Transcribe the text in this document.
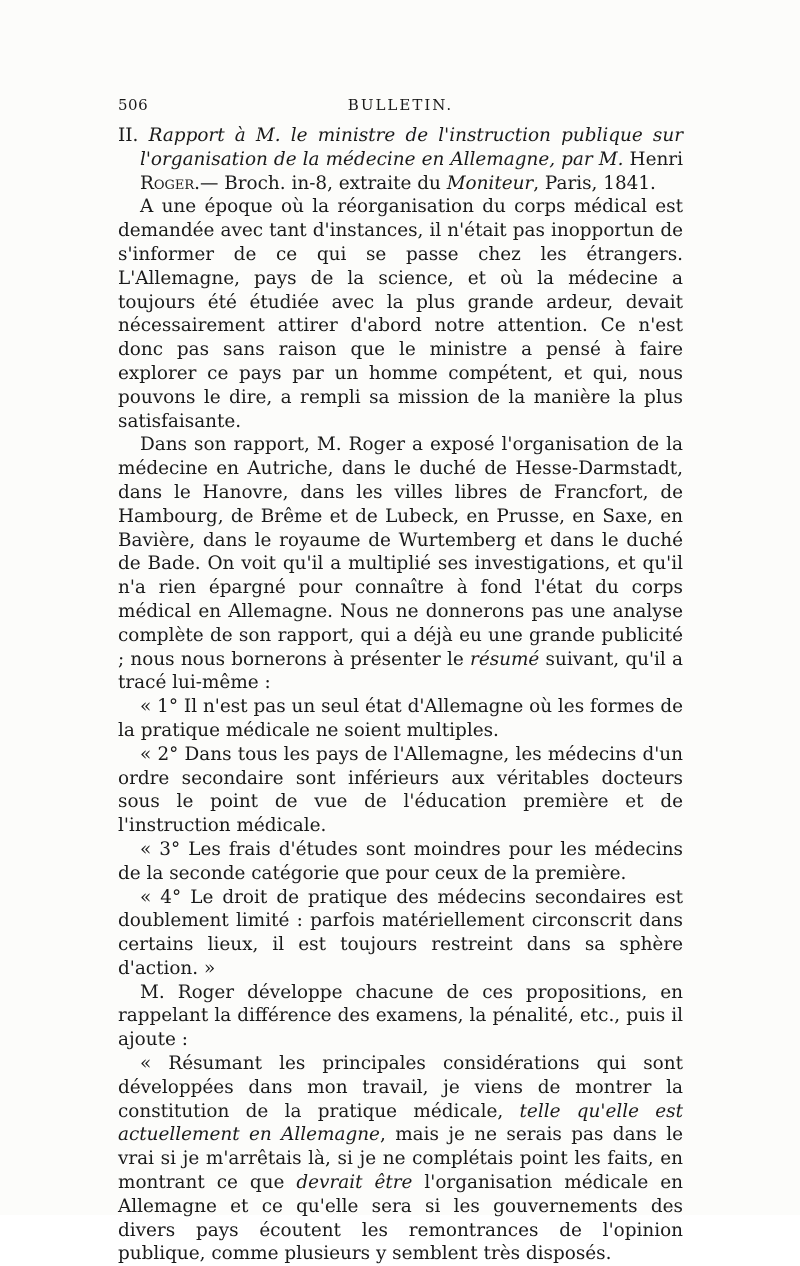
506	BULLETIN.

II. Rapport à M. le ministre de l'instruction publique sur l'organisation de la médecine en Allemagne, par M. Henri Roger.— Broch. in-8, extraite du Moniteur, Paris, 1841.

A une époque où la réorganisation du corps médical est demandée avec tant d'instances, il n'était pas inopportun de s'informer de ce qui se passe chez les étrangers. L'Allemagne, pays de la science, et où la médecine a toujours été étudiée avec la plus grande ardeur, devait nécessairement attirer d'abord notre attention. Ce n'est donc pas sans raison que le ministre a pensé à faire explorer ce pays par un homme compétent, et qui, nous pouvons le dire, a rempli sa mission de la manière la plus satisfaisante.

Dans son rapport, M. Roger a exposé l'organisation de la médecine en Autriche, dans le duché de Hesse-Darmstadt, dans le Hanovre, dans les villes libres de Francfort, de Hambourg, de Brême et de Lubeck, en Prusse, en Saxe, en Bavière, dans le royaume de Wurtemberg et dans le duché de Bade. On voit qu'il a multiplié ses investigations, et qu'il n'a rien épargné pour connaître à fond l'état du corps médical en Allemagne. Nous ne donnerons pas une analyse complète de son rapport, qui a déjà eu une grande publicité ; nous nous bornerons à présenter le résumé suivant, qu'il a tracé lui-même :

« 1° Il n'est pas un seul état d'Allemagne où les formes de la pratique médicale ne soient multiples.

« 2° Dans tous les pays de l'Allemagne, les médecins d'un ordre secondaire sont inférieurs aux véritables docteurs sous le point de vue de l'éducation première et de l'instruction médicale.

« 3° Les frais d'études sont moindres pour les médecins de la seconde catégorie que pour ceux de la première.

« 4° Le droit de pratique des médecins secondaires est doublement limité : parfois matériellement circonscrit dans certains lieux, il est toujours restreint dans sa sphère d'action. »

M. Roger développe chacune de ces propositions, en rappelant la différence des examens, la pénalité, etc., puis il ajoute :

« Résumant les principales considérations qui sont développées dans mon travail, je viens de montrer la constitution de la pratique médicale, telle qu'elle est actuellement en Allemagne, mais je ne serais pas dans le vrai si je m'arrêtais là, si je ne complétais point les faits, en montrant ce que devrait être l'organisation médicale en Allemagne et ce qu'elle sera si les gouvernements des divers pays écoutent les remontrances de l'opinion publique, comme plusieurs y semblent très disposés.
